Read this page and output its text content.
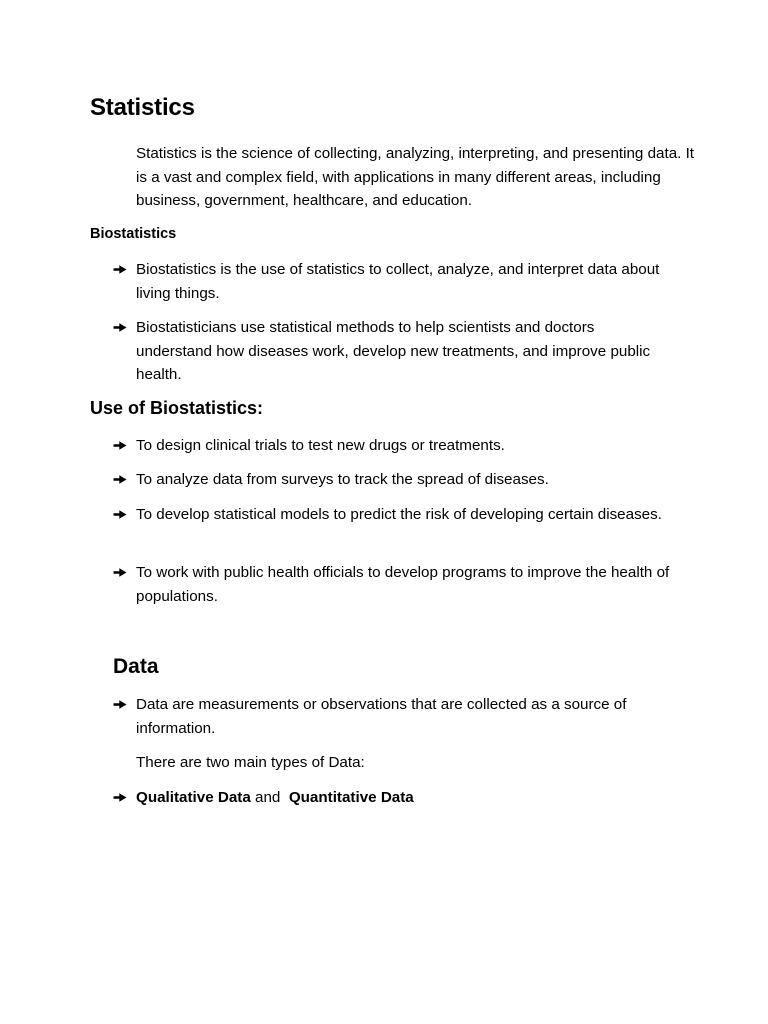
Statistics

Statistics is the science of collecting, analyzing, interpreting, and presenting data. It is a vast and complex field, with applications in many different areas, including business, government, healthcare, and education.

Biostatistics
Biostatistics is the use of statistics to collect, analyze, and interpret data about living things.
Biostatisticians use statistical methods to help scientists and doctors understand how diseases work, develop new treatments, and improve public health.
Use of Biostatistics:
To design clinical trials to test new drugs or treatments.
To analyze data from surveys to track the spread of diseases.
To develop statistical models to predict the risk of developing certain diseases.
To work with public health officials to develop programs to improve the health of populations.
Data
Data are measurements or observations that are collected as a source of information.
There are two main types of Data:
Qualitative Data and Quantitative Data
